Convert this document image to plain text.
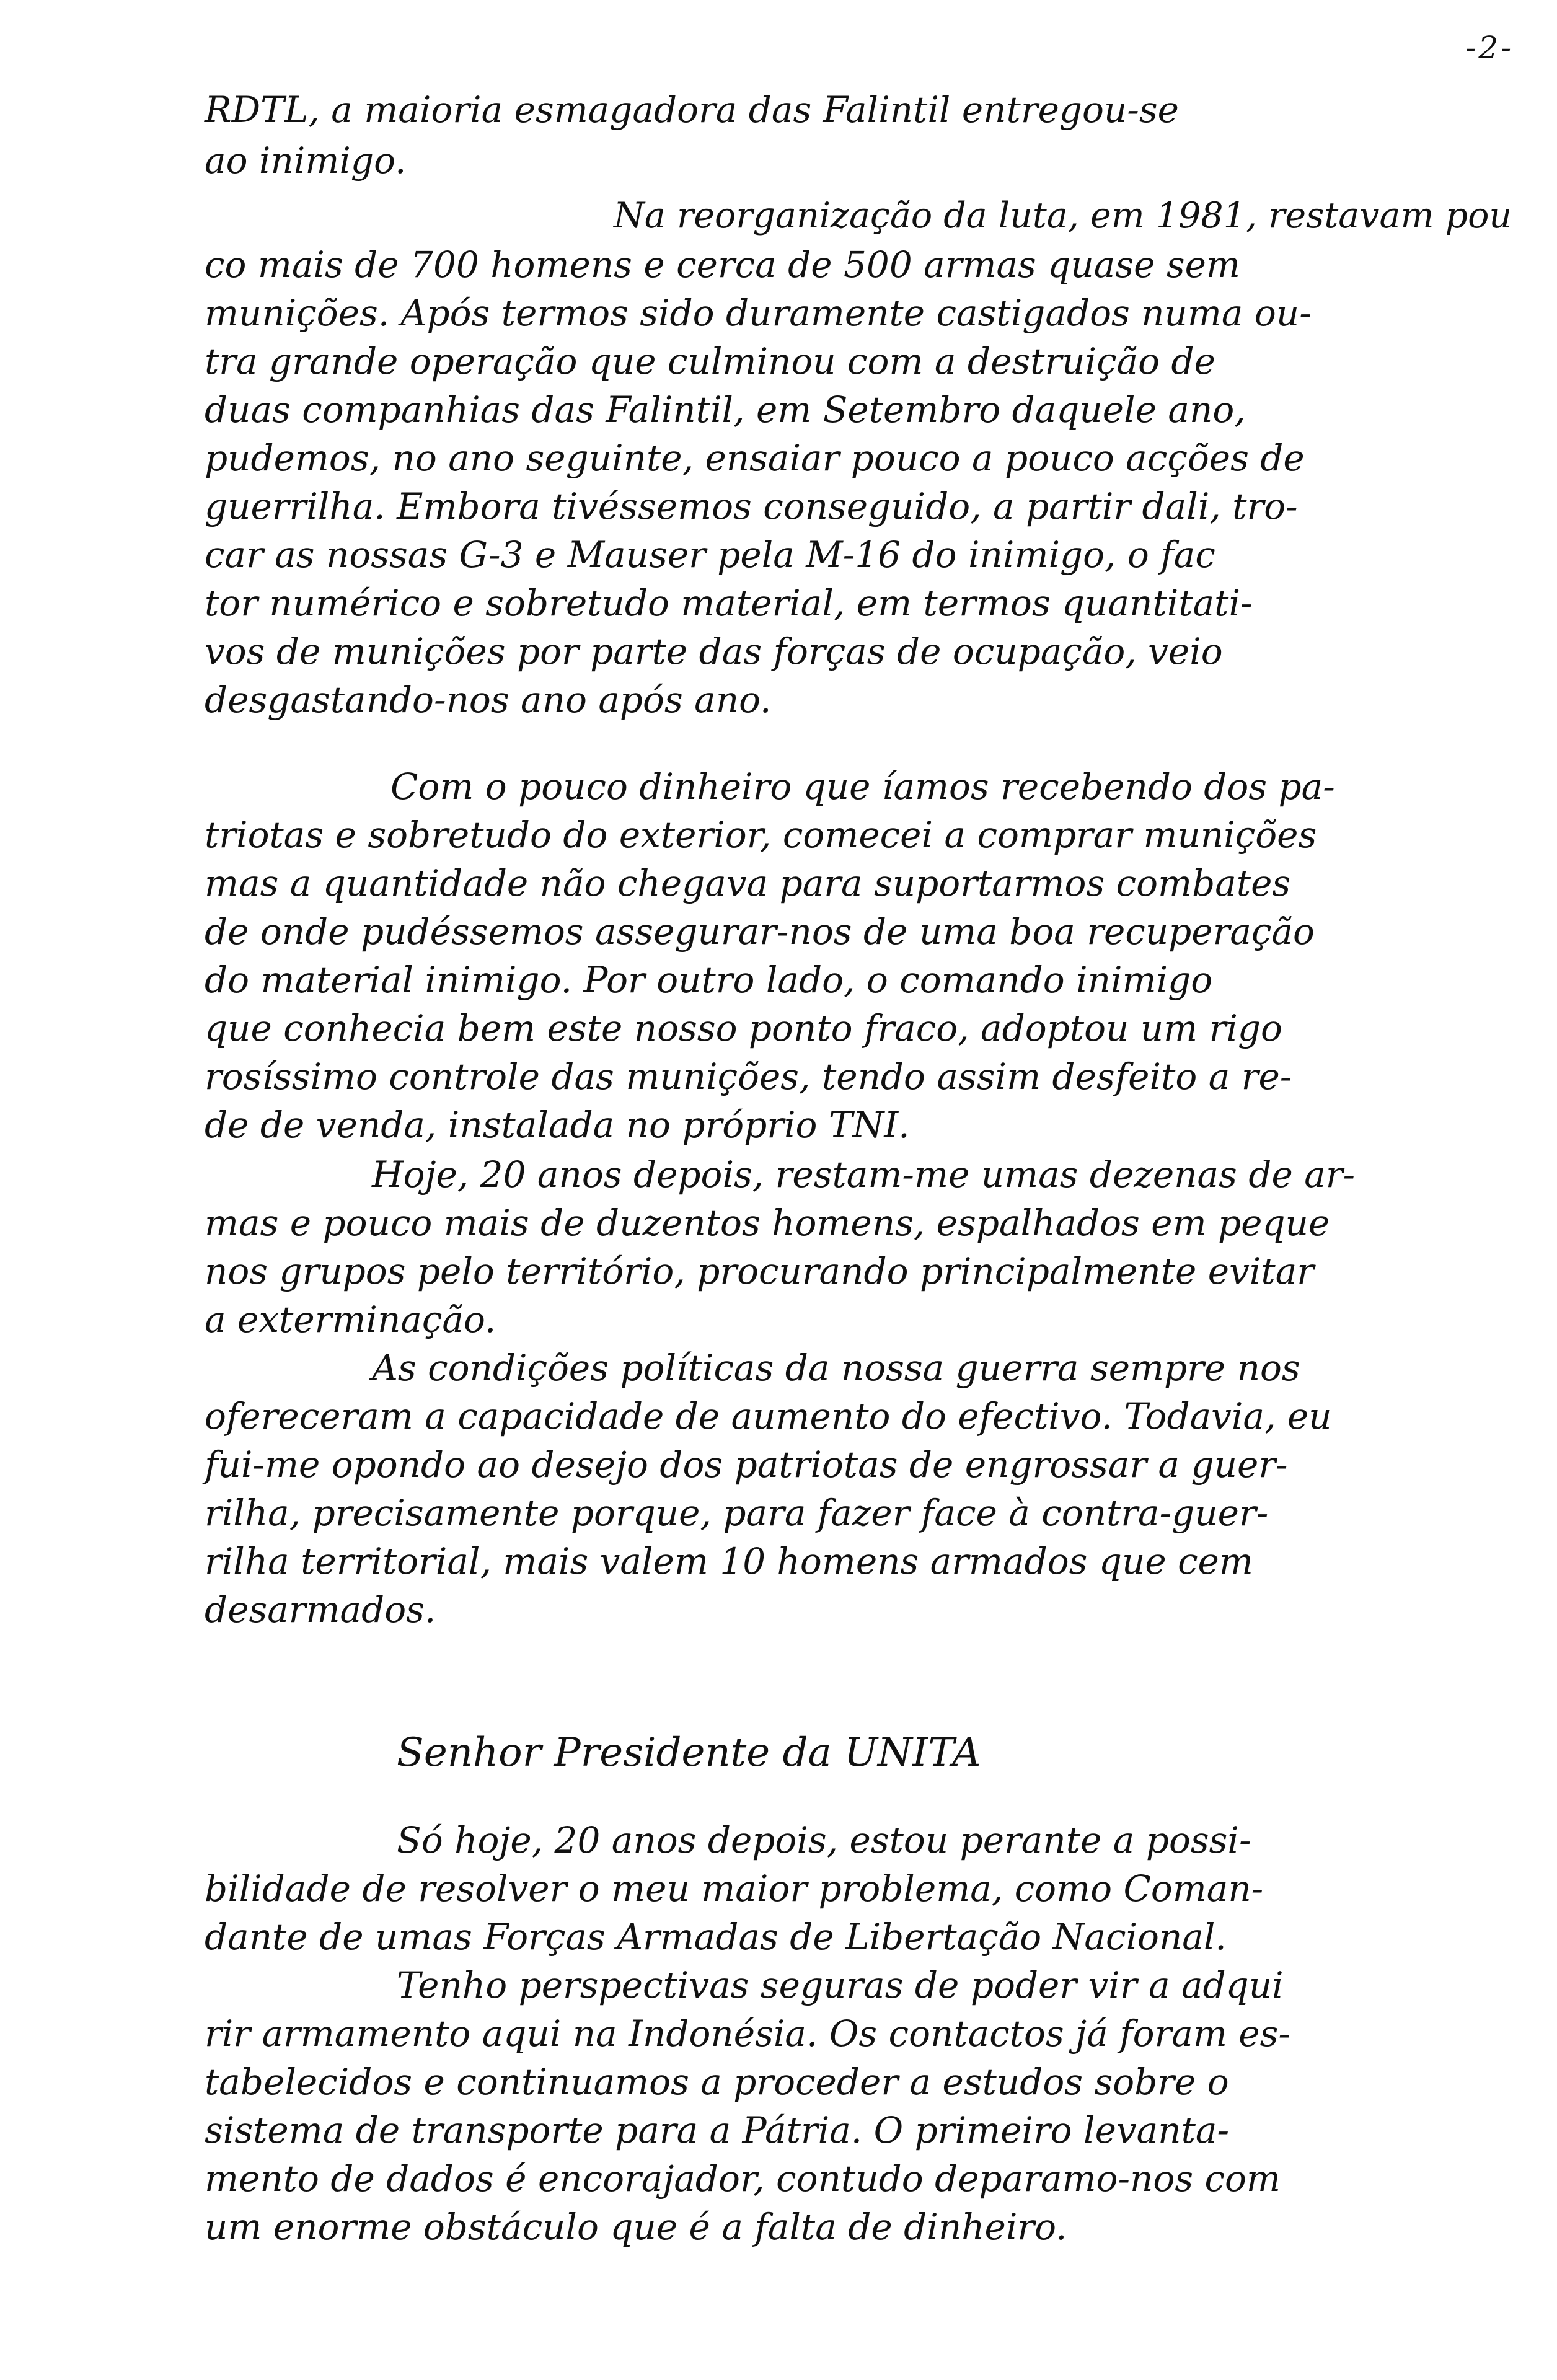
-2-
RDTL, a maioria esmagadora das Falintil entregou-se
ao inimigo.
Na reorganização da luta, em 1981, restavam pou
co mais de 700 homens e cerca de 500 armas quase sem
munições. Após termos sido duramente castigados numa ou-
tra grande operação que culminou com a destruição de
duas companhias das Falintil, em Setembro daquele ano,
pudemos, no ano seguinte, ensaiar pouco a pouco acções de
guerrilha. Embora tivéssemos conseguido, a partir dali, tro-
car as nossas G-3 e Mauser pela M-16 do inimigo, o fac
tor numérico e sobretudo material, em termos quantitati-
vos de munições por parte das forças de ocupação, veio
desgastando-nos ano após ano.
Com o pouco dinheiro que íamos recebendo dos pa-
triotas e sobretudo do exterior, comecei a comprar munições
mas a quantidade não chegava para suportarmos combates
de onde pudéssemos assegurar-nos de uma boa recuperação
do material inimigo. Por outro lado, o comando inimigo
que conhecia bem este nosso ponto fraco, adoptou um rigo
rosíssimo controle das munições, tendo assim desfeito a re-
de de venda, instalada no próprio TNI.
Hoje, 20 anos depois, restam-me umas dezenas de ar-
mas e pouco mais de duzentos homens, espalhados em peque
nos grupos pelo território, procurando principalmente evitar
a exterminação.
As condições políticas da nossa guerra sempre nos
ofereceram a capacidade de aumento do efectivo. Todavia, eu
fui-me opondo ao desejo dos patriotas de engrossar a guer-
rilha, precisamente porque, para fazer face à contra-guer-
rilha territorial, mais valem 10 homens armados que cem
desarmados.
Senhor Presidente da UNITA
Só hoje, 20 anos depois, estou perante a possi-
bilidade de resolver o meu maior problema, como Coman-
dante de umas Forças Armadas de Libertação Nacional.
Tenho perspectivas seguras de poder vir a adqui
rir armamento aqui na Indonésia. Os contactos já foram es-
tabelecidos e continuamos a proceder a estudos sobre o
sistema de transporte para a Pátria. O primeiro levanta-
mento de dados é encorajador, contudo deparamo-nos com
um enorme obstáculo que é a falta de dinheiro.
